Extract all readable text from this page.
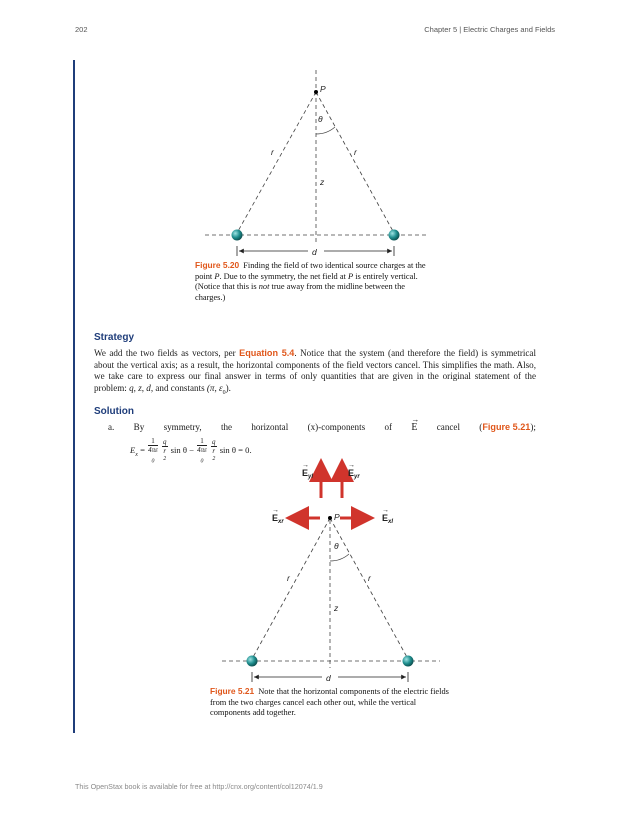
202	Chapter 5 | Electric Charges and Fields
P
θ
r	r
z
d
Figure 5.20 Finding the field of two identical source charges at the point P. Due to the symmetry, the net field at P is entirely vertical. (Notice that this is not true away from the midline between the charges.)
Strategy
We add the two fields as vectors, per Equation 5.4. Notice that the system (and therefore the field) is symmetrical about the vertical axis; as a result, the horizontal components of the field vectors cancel. This simplifies the math. Also, we take care to express our final answer in terms of only quantities that are given in the original statement of the problem: q, z, d, and constants (π, $\varepsilon_0$).
Solution
a. By symmetry, the horizontal (x)-components of
→
E cancel (Figure 5.21);
$E_x = 1$
4πε
$_0$
q
r
$^2$ sin θ − 1
4πε
$_0$
q
r
$^2$ sin θ = 0.
P
θ
r	r
z
d
$E_{yl}$	$E_{yr}$
$E_{xr}$	$E_{xl}$
→	→
→	→
Figure 5.21 Note that the horizontal components of the electric fields from the two charges cancel each other out, while the vertical components add together.
This OpenStax book is available for free at http://cnx.org/content/col12074/1.9
